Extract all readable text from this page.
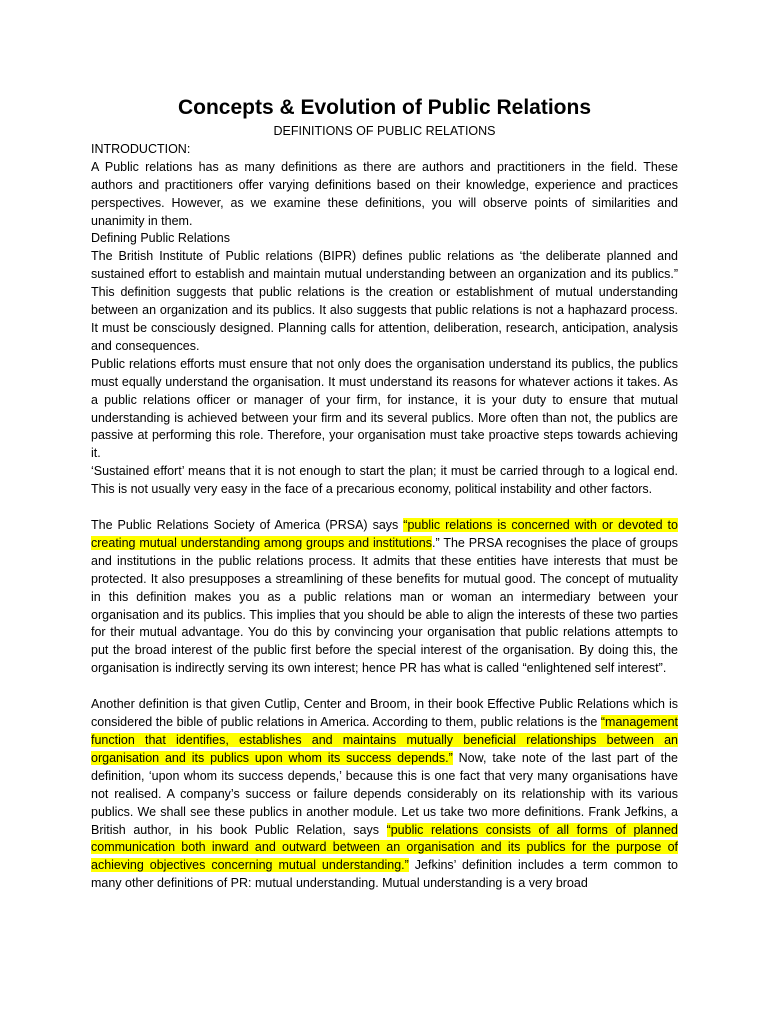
Concepts & Evolution of Public Relations
DEFINITIONS OF PUBLIC RELATIONS

INTRODUCTION:

A Public relations has as many definitions as there are authors and practitioners in the field. These authors and practitioners offer varying definitions based on their knowledge, experience and practices perspectives. However, as we examine these definitions, you will observe points of similarities and unanimity in them.

Defining Public Relations

The British Institute of Public relations (BIPR) defines public relations as ‘the deliberate planned and sustained effort to establish and maintain mutual understanding between an organization and its publics.” This definition suggests that public relations is the creation or establishment of mutual understanding between an organization and its publics. It also suggests that public relations is not a haphazard process. It must be consciously designed. Planning calls for attention, deliberation, research, anticipation, analysis and consequences.

Public relations efforts must ensure that not only does the organisation understand its publics, the publics must equally understand the organisation. It must understand its reasons for whatever actions it takes. As a public relations officer or manager of your firm, for instance, it is your duty to ensure that mutual understanding is achieved between your firm and its several publics. More often than not, the publics are passive at performing this role. Therefore, your organisation must take proactive steps towards achieving it.

‘Sustained effort’ means that it is not enough to start the plan; it must be carried through to a logical end. This is not usually very easy in the face of a precarious economy, political instability and other factors.

The Public Relations Society of America (PRSA) says “public relations is concerned with or devoted to creating mutual understanding among groups and institutions.” The PRSA recognises the place of groups and institutions in the public relations process. It admits that these entities have interests that must be protected. It also presupposes a streamlining of these benefits for mutual good. The concept of mutuality in this definition makes you as a public relations man or woman an intermediary between your organisation and its publics. This implies that you should be able to align the interests of these two parties for their mutual advantage. You do this by convincing your organisation that public relations attempts to put the broad interest of the public first before the special interest of the organisation. By doing this, the organisation is indirectly serving its own interest; hence PR has what is called “enlightened self interest”.

Another definition is that given Cutlip, Center and Broom, in their book Effective Public Relations which is considered the bible of public relations in America. According to them, public relations is the “management function that identifies, establishes and maintains mutually beneficial relationships between an organisation and its publics upon whom its success depends.” Now, take note of the last part of the definition, ‘upon whom its success depends,’ because this is one fact that very many organisations have not realised. A company’s success or failure depends considerably on its relationship with its various publics. We shall see these publics in another module. Let us take two more definitions. Frank Jefkins, a British author, in his book Public Relation, says “public relations consists of all forms of planned communication both inward and outward between an organisation and its publics for the purpose of achieving objectives concerning mutual understanding.” Jefkins’ definition includes a term common to many other definitions of PR: mutual understanding. Mutual understanding is a very broad
